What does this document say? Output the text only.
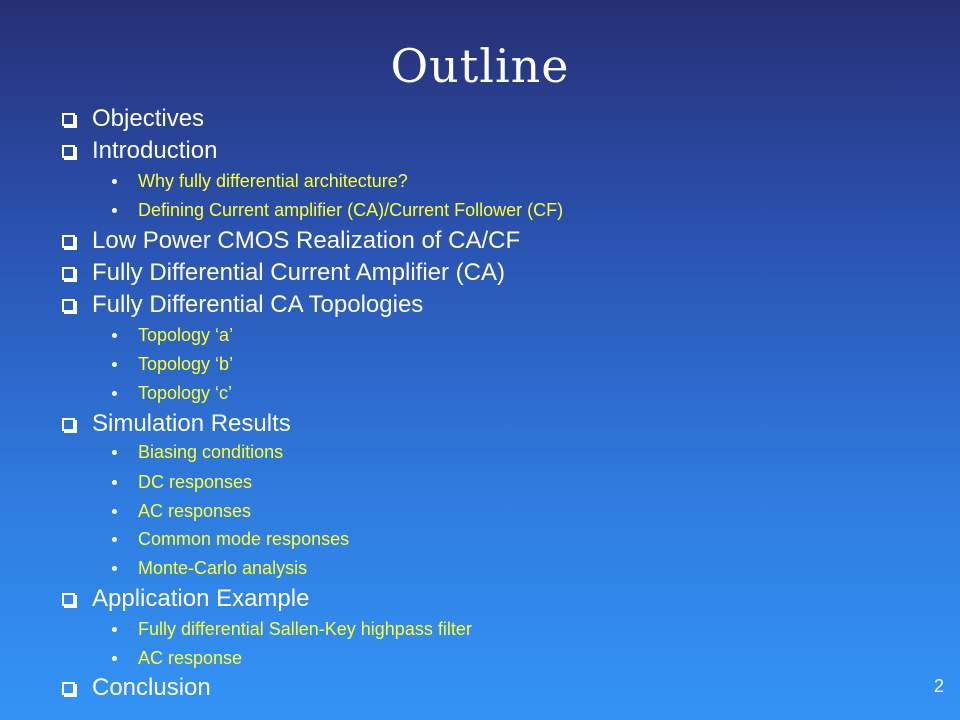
Outline
Objectives
Introduction
Why fully differential architecture?
Defining Current amplifier (CA)/Current Follower (CF)
Low Power CMOS Realization of CA/CF
Fully Differential Current Amplifier (CA)
Fully Differential CA Topologies
Topology ‘a’
Topology ‘b’
Topology ‘c’
Simulation Results
Biasing conditions
DC responses
AC responses
Common mode responses
Monte-Carlo analysis
Application Example
Fully differential Sallen-Key highpass filter
AC response
Conclusion	2
